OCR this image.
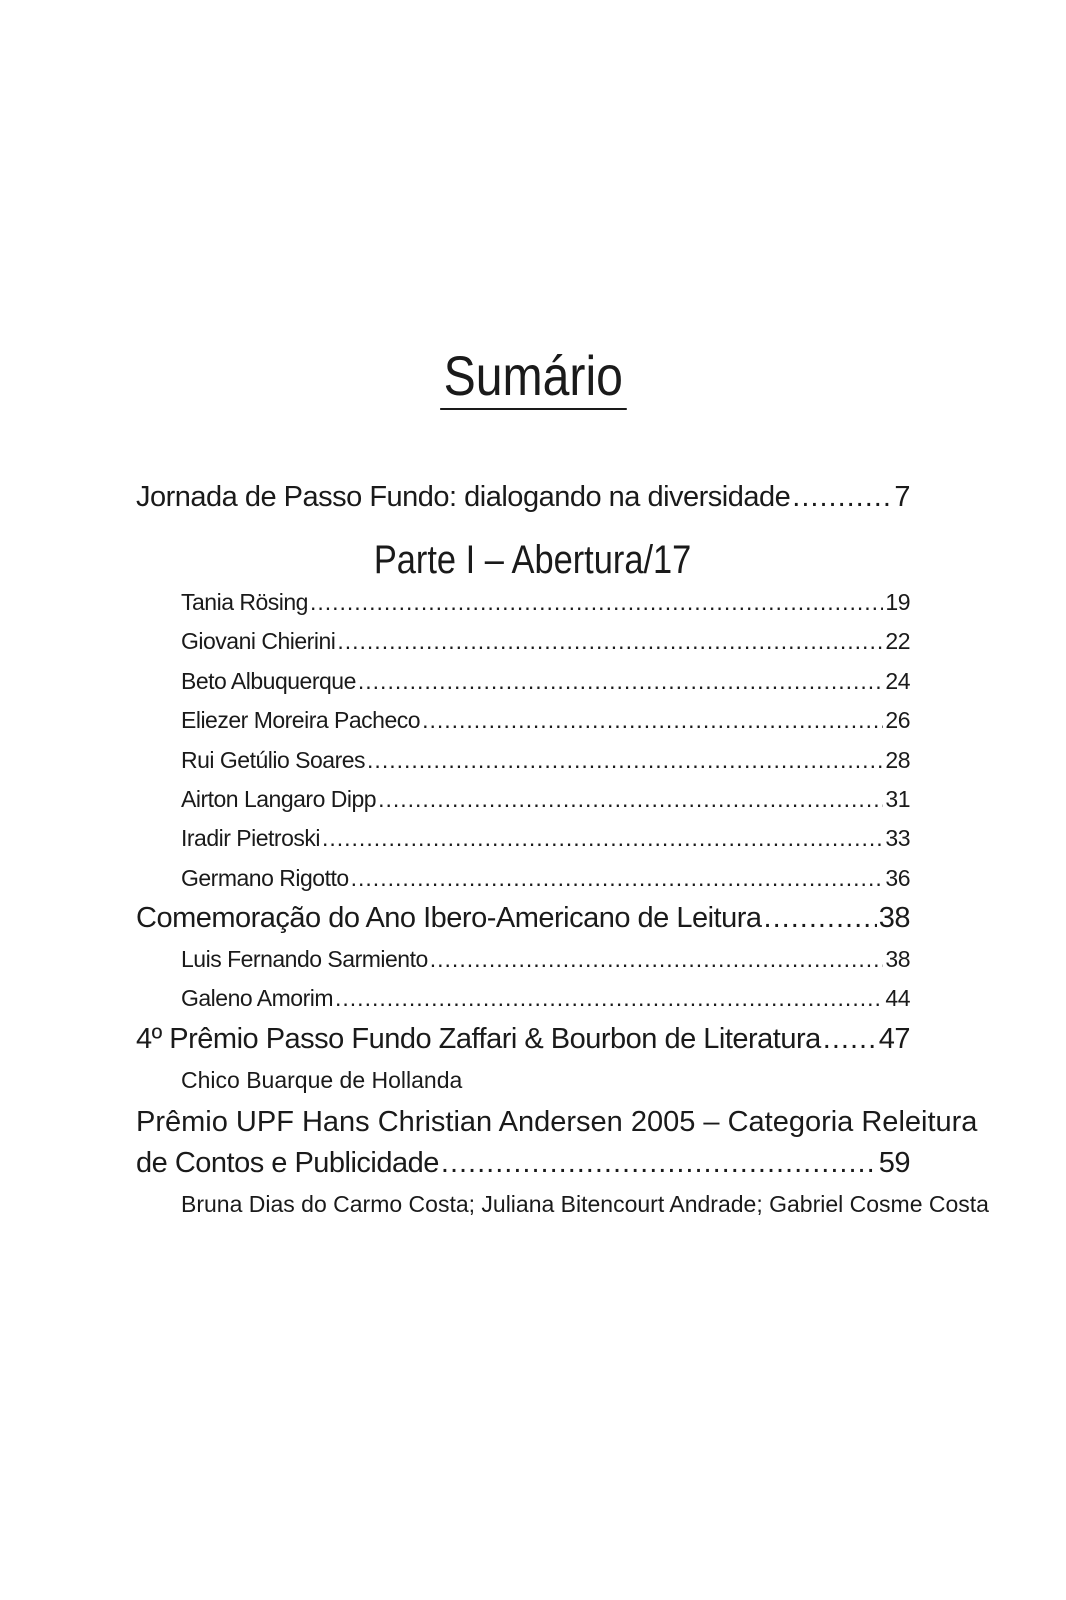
Sumário
Jornada de Passo Fundo: dialogando na diversidade .....	7
Parte I – Abertura/17
Tania Rösing .....	19
Giovani Chierini .....	22
Beto Albuquerque .....	24
Eliezer Moreira Pacheco .....	26
Rui Getúlio Soares .....	28
Airton Langaro Dipp .....	31
Iradir Pietroski .....	33
Germano Rigotto .....	36
Comemoração do Ano Ibero-Americano de Leitura .....	38
Luis Fernando Sarmiento .....	38
Galeno Amorim .....	44
4º Prêmio Passo Fundo Zaffari & Bourbon de Literatura ..... 47
Chico Buarque de Hollanda
Prêmio UPF Hans Christian Andersen 2005 – Categoria Releitura
de Contos e Publicidade .....	59
Bruna Dias do Carmo Costa; Juliana Bitencourt Andrade; Gabriel Cosme Costa
